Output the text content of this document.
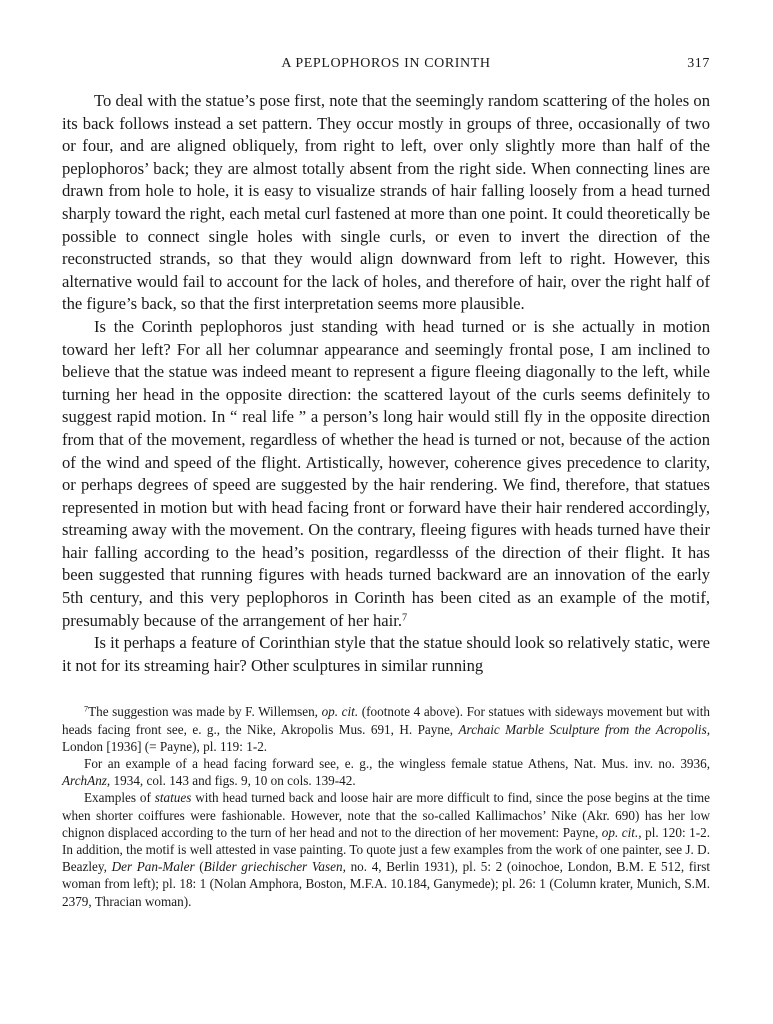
A PEPLOPHOROS IN CORINTH	317

To deal with the statue’s pose first, note that the seemingly random scattering of the holes on its back follows instead a set pattern. They occur mostly in groups of three, occasionally of two or four, and are aligned obliquely, from right to left, over only slightly more than half of the peplophoros’ back; they are almost totally absent from the right side. When connecting lines are drawn from hole to hole, it is easy to visualize strands of hair falling loosely from a head turned sharply toward the right, each metal curl fastened at more than one point. It could theoretically be possible to connect single holes with single curls, or even to invert the direction of the reconstructed strands, so that they would align downward from left to right. However, this alternative would fail to account for the lack of holes, and therefore of hair, over the right half of the figure’s back, so that the first interpretation seems more plausible.

Is the Corinth peplophoros just standing with head turned or is she actually in motion toward her left? For all her columnar appearance and seemingly frontal pose, I am inclined to believe that the statue was indeed meant to represent a figure fleeing diagonally to the left, while turning her head in the opposite direction: the scattered layout of the curls seems definitely to suggest rapid motion. In “ real life ” a person’s long hair would still fly in the opposite direction from that of the movement, regardless of whether the head is turned or not, because of the action of the wind and speed of the flight. Artistically, however, coherence gives precedence to clarity, or perhaps degrees of speed are suggested by the hair rendering. We find, therefore, that statues represented in motion but with head facing front or forward have their hair rendered accordingly, streaming away with the movement. On the contrary, fleeing figures with heads turned have their hair falling according to the head’s position, regardlesss of the direction of their flight. It has been suggested that running figures with heads turned backward are an innovation of the early 5th century, and this very peplophoros in Corinth has been cited as an example of the motif, presumably because of the arrangement of her hair.$^7$

Is it perhaps a feature of Corinthian style that the statue should look so relatively static, were it not for its streaming hair? Other sculptures in similar running

$^7$The suggestion was made by F. Willemsen, op. cit. (footnote 4 above). For statues with sideways movement but with heads facing front see, e. g., the Nike, Akropolis Mus. 691, H. Payne, Archaic Marble Sculpture from the Acropolis, London [1936] (= Payne), pl. 119: 1-2.

For an example of a head facing forward see, e. g., the wingless female statue Athens, Nat. Mus. inv. no. 3936, ArchAnz, 1934, col. 143 and figs. 9, 10 on cols. 139-42.

Examples of statues with head turned back and loose hair are more difficult to find, since the pose begins at the time when shorter coiffures were fashionable. However, note that the so-called Kallimachos’ Nike (Akr. 690) has her low chignon displaced according to the turn of her head and not to the direction of her movement: Payne, op. cit., pl. 120: 1-2. In addition, the motif is well attested in vase painting. To quote just a few examples from the work of one painter, see J. D. Beazley, Der Pan-Maler (Bilder griechischer Vasen, no. 4, Berlin 1931), pl. 5: 2 (oinochoe, London, B.M. E 512, first woman from left); pl. 18: 1 (Nolan Amphora, Boston, M.F.A. 10.184, Ganymede); pl. 26: 1 (Column krater, Munich, S.M. 2379, Thracian woman).
